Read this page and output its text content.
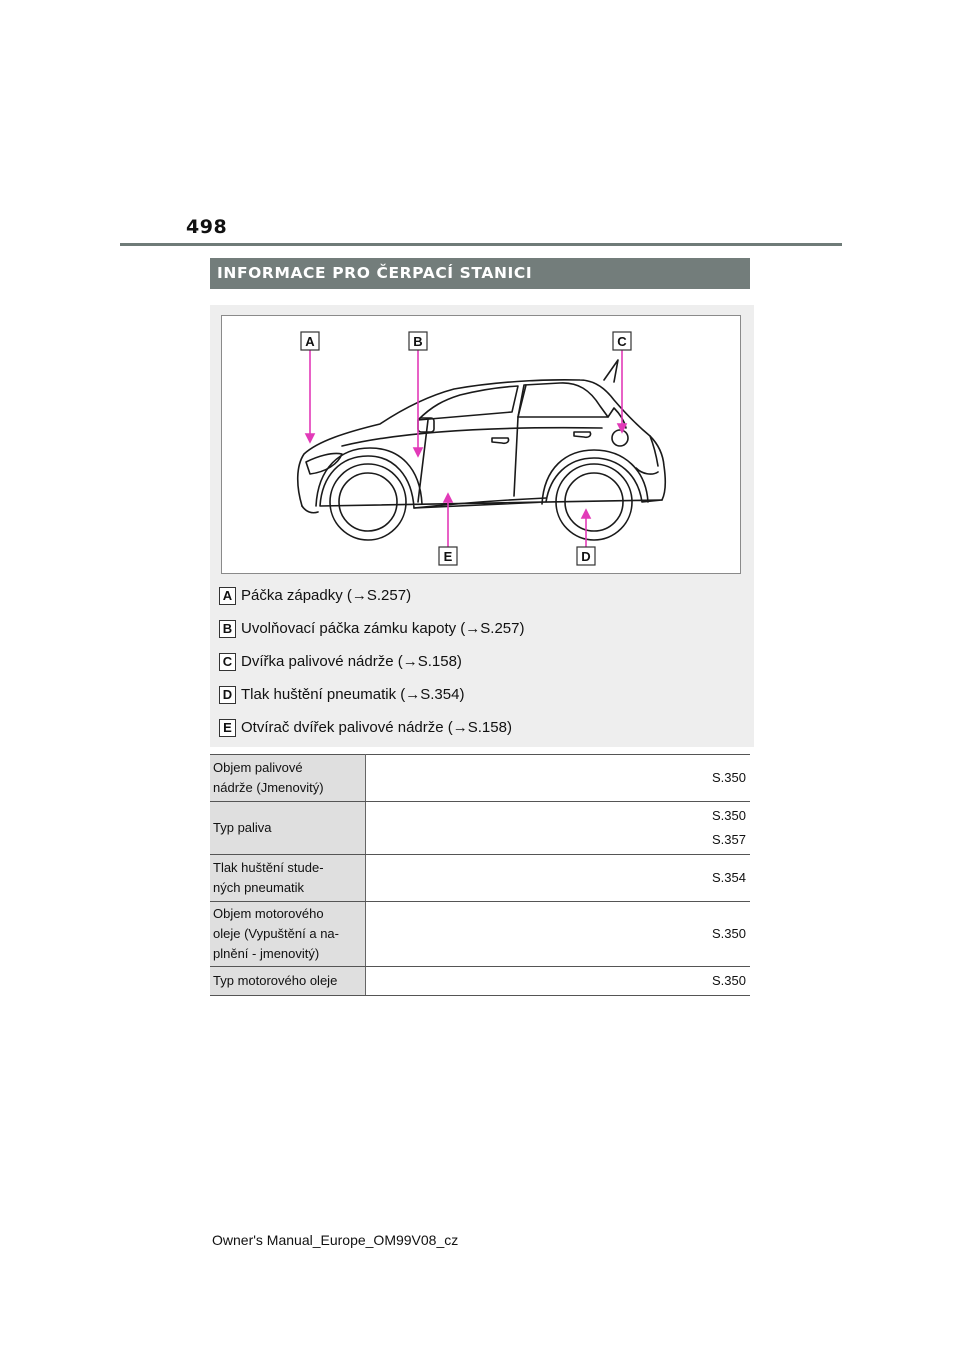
498
INFORMACE PRO ČERPACÍ STANICI
A	B	C
D
E
A Páčka západky (→S.257)
B Uvolňovací páčka zámku kapoty (→S.257)
C Dvířka palivové nádrže (→S.158)
D Tlak huštění pneumatik (→S.354)
E Otvírač dvířek palivové nádrže (→S.158)
Objem palivové
nádrže (Jmenovitý)	S.350

Typ paliva	S.350
S.357

Tlak huštění stude-
ných pneumatik	S.354

Objem motorového
oleje (Vypuštění a na-
plnění - jmenovitý)	S.350

Typ motorového oleje	S.350
Owner's Manual_Europe_OM99V08_cz
